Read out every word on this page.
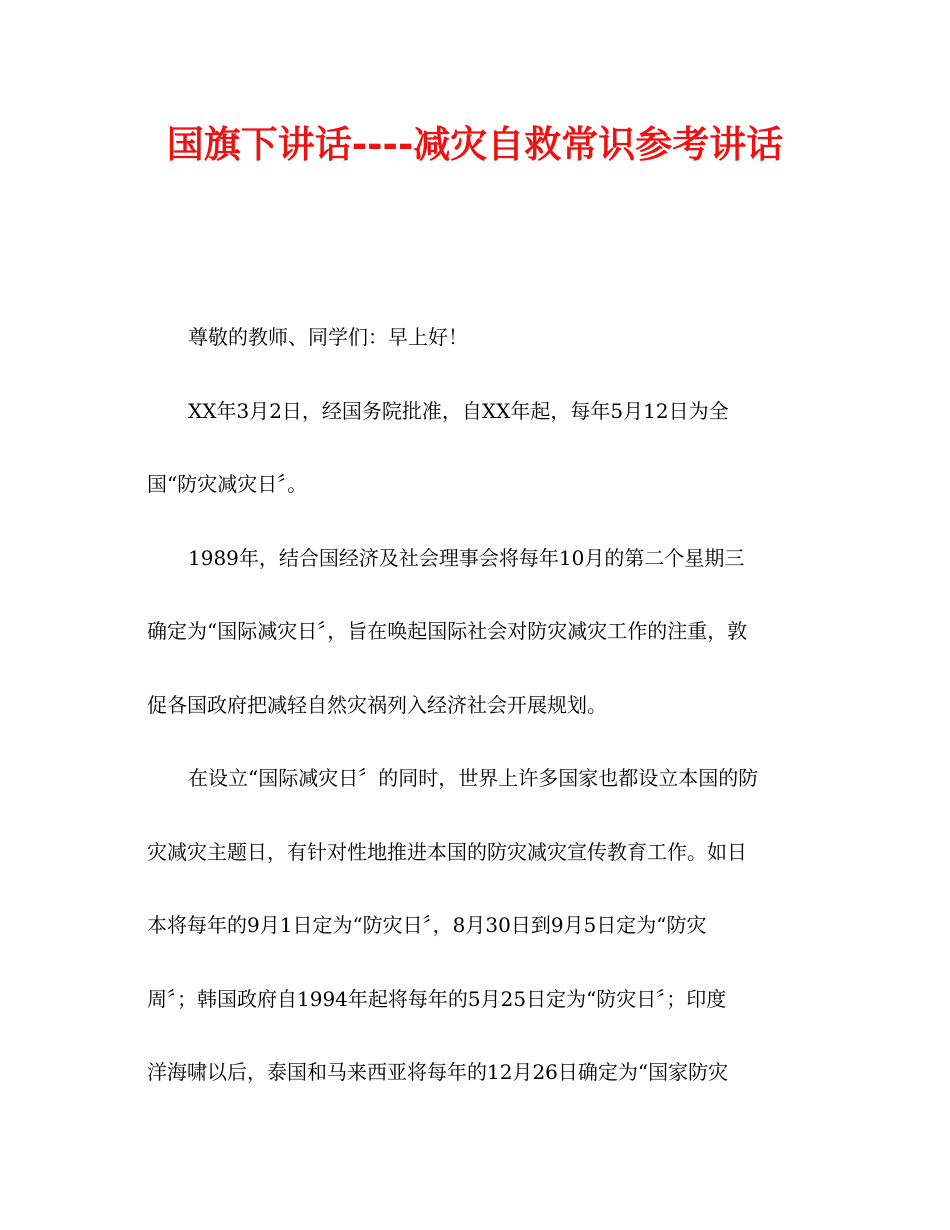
国旗下讲话----减灾自救常识参考讲话
尊敬的教师、同学们：早上好！
XX年3月2日，经国务院批准，自XX年起，每年5月12日为全
国“防灾减灾日〞。
1989年，结合国经济及社会理事会将每年10月的第二个星期三
确定为“国际减灾日〞，旨在唤起国际社会对防灾减灾工作的注重，敦
促各国政府把减轻自然灾祸列入经济社会开展规划。
在设立“国际减灾日〞的同时，世界上许多国家也都设立本国的防
灾减灾主题日，有针对性地推进本国的防灾减灾宣传教育工作。如日
本将每年的9月1日定为“防灾日〞，8月30日到9月5日定为“防灾
周〞；韩国政府自1994年起将每年的5月25日定为“防灾日〞；印度
洋海啸以后，泰国和马来西亚将每年的12月26日确定为“国家防灾
